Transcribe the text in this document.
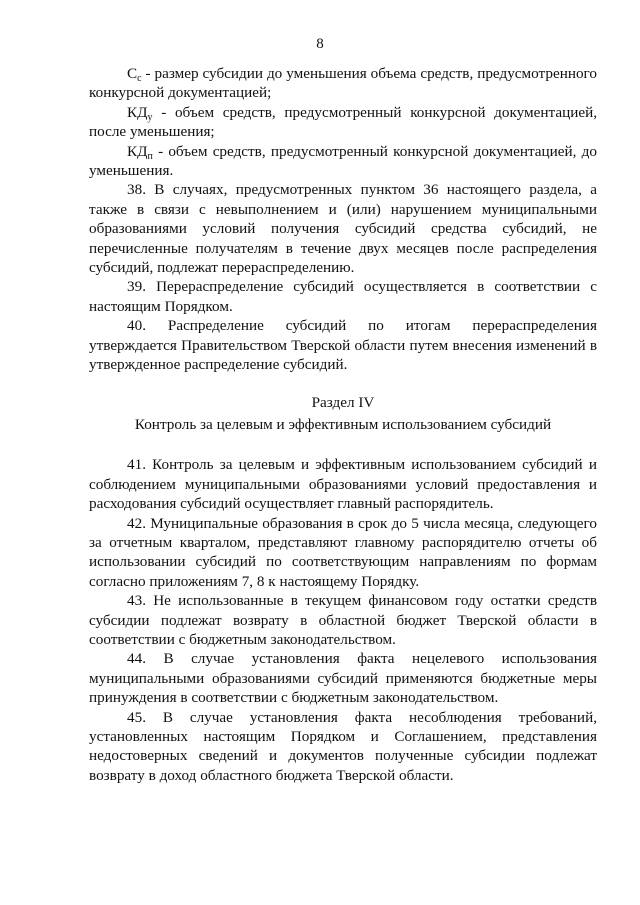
8

$С_с$ - размер субсидии до уменьшения объема средств, предусмотренного конкурсной документацией;

$КД_у$ - объем средств, предусмотренный конкурсной документацией, после уменьшения;

$КД_п$ - объем средств, предусмотренный конкурсной документацией, до уменьшения.

38. В случаях, предусмотренных пунктом 36 настоящего раздела, а также в связи с невыполнением и (или) нарушением муниципальными образованиями условий получения субсидий средства субсидий, не перечисленные получателям в течение двух месяцев после распределения субсидий, подлежат перераспределению.

39. Перераспределение субсидий осуществляется в соответствии с настоящим Порядком.

40. Распределение субсидий по итогам перераспределения утверждается Правительством Тверской области путем внесения изменений в утвержденное распределение субсидий.

Раздел IV

Контроль за целевым и эффективным использованием субсидий

41. Контроль за целевым и эффективным использованием субсидий и соблюдением муниципальными образованиями условий предоставления и расходования субсидий осуществляет главный распорядитель.

42. Муниципальные образования в срок до 5 числа месяца, следующего за отчетным кварталом, представляют главному распорядителю отчеты об использовании субсидий по соответствующим направлениям по формам согласно приложениям 7, 8 к настоящему Порядку.

43. Не использованные в текущем финансовом году остатки средств субсидии подлежат возврату в областной бюджет Тверской области в соответствии с бюджетным законодательством.

44. В случае установления факта нецелевого использования муниципальными образованиями субсидий применяются бюджетные меры принуждения в соответствии с бюджетным законодательством.

45. В случае установления факта несоблюдения требований, установленных настоящим Порядком и Соглашением, представления недостоверных сведений и документов полученные субсидии подлежат возврату в доход областного бюджета Тверской области.
